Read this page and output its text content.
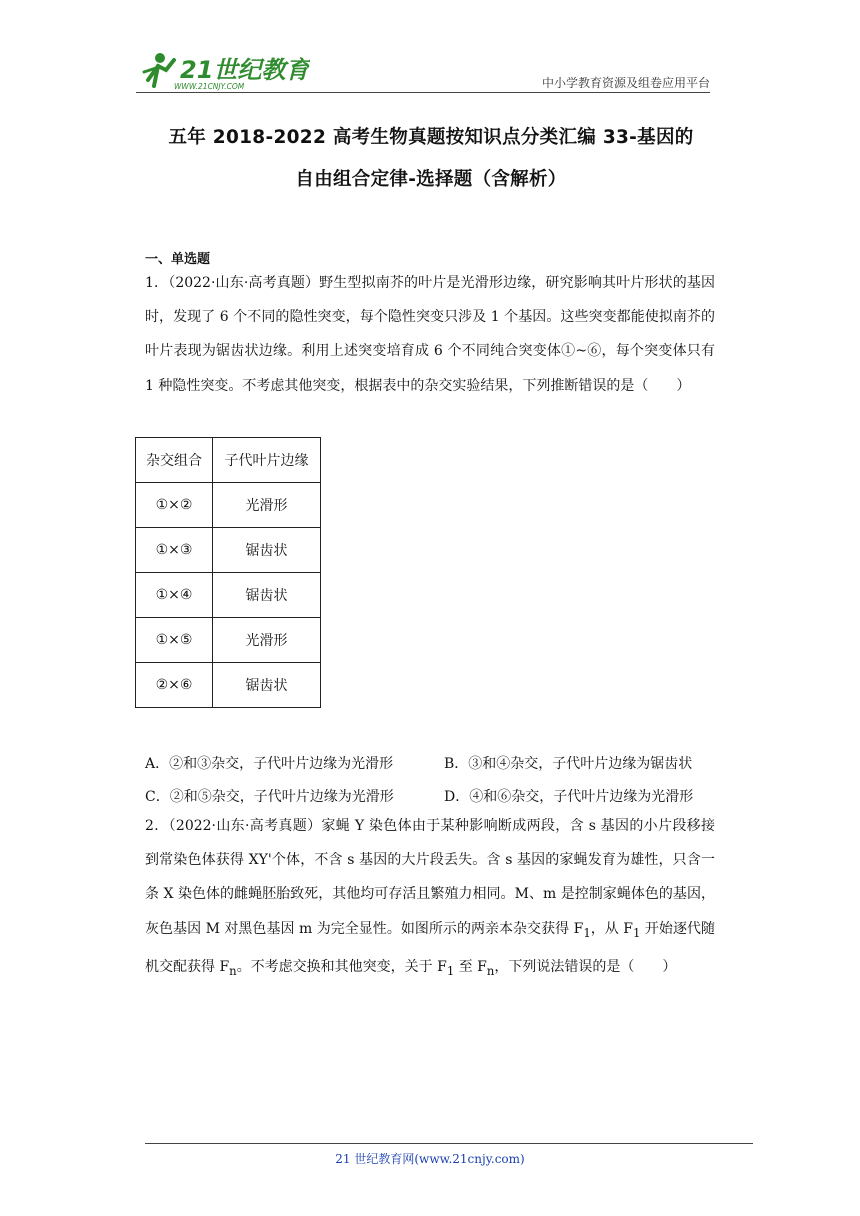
21世纪教育
WWW.21CNJY.COM	中小学教育资源及组卷应用平台
五年 2018-2022 高考生物真题按知识点分类汇编 33-基因的
自由组合定律-选择题（含解析）
一、单选题

1．（2022·山东·高考真题）野生型拟南芥的叶片是光滑形边缘，研究影响其叶片形状的基因时，发现了 6 个不同的隐性突变，每个隐性突变只涉及 1 个基因。这些突变都能使拟南芥的叶片表现为锯齿状边缘。利用上述突变培育成 6 个不同纯合突变体①~⑥，每个突变体只有 1 种隐性突变。不考虑其他突变，根据表中的杂交实验结果，下列推断错误的是（　　）

杂交组合	子代叶片边缘
①×②	光滑形
①×③	锯齿状
①×④	锯齿状
①×⑤	光滑形
②×⑥	锯齿状
A．②和③杂交，子代叶片边缘为光滑形	B．③和④杂交，子代叶片边缘为锯齿状
C．②和⑤杂交，子代叶片边缘为光滑形	D．④和⑥杂交，子代叶片边缘为光滑形

2．（2022·山东·高考真题）家蝇 Y 染色体由于某种影响断成两段，含 s 基因的小片段移接到常染色体获得 XY'个体，不含 s 基因的大片段丢失。含 s 基因的家蝇发育为雄性，只含一条 X 染色体的雌蝇胚胎致死，其他均可存活且繁殖力相同。M、m 是控制家蝇体色的基因，灰色基因 M 对黑色基因 m 为完全显性。如图所示的两亲本杂交获得 $F_1$，从 $F_1$ 开始逐代随机交配获得 $F_n$。不考虑交换和其他突变，关于 $F_1$ 至 $F_n$，下列说法错误的是（　　）

21 世纪教育网(www.21cnjy.com)
